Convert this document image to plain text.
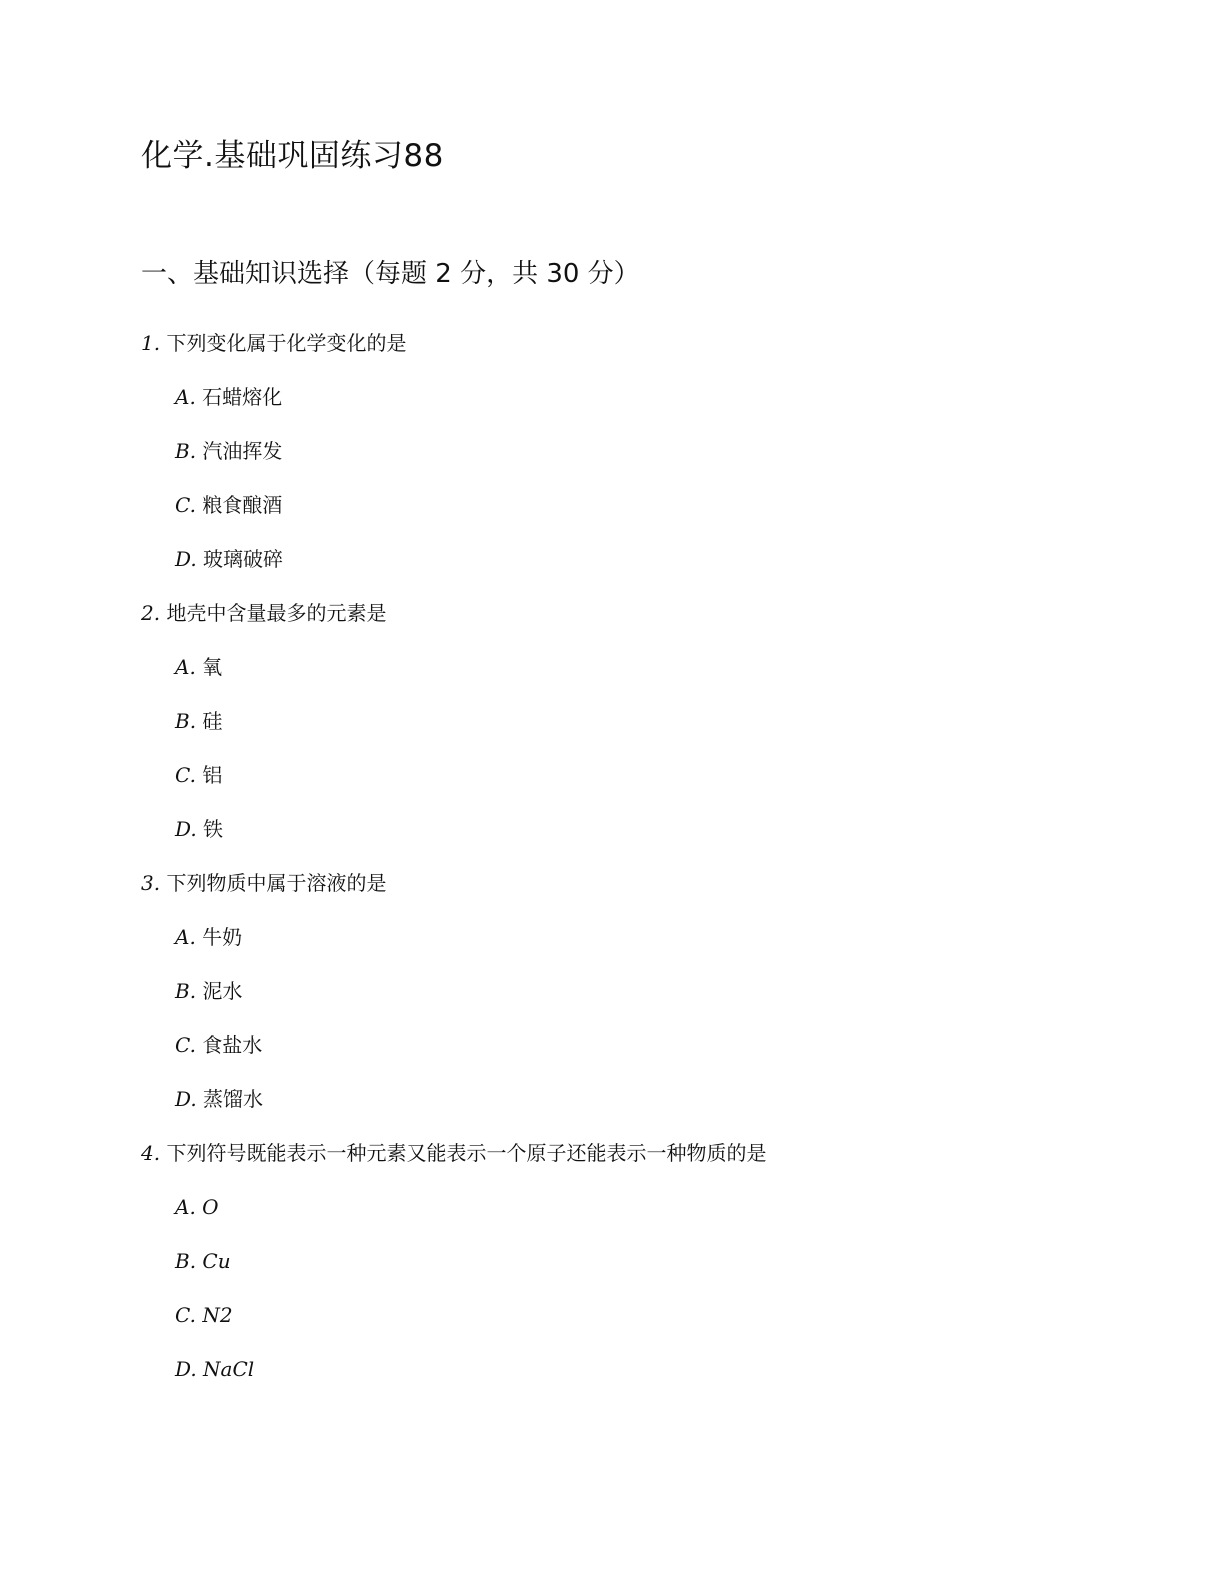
化学.基础巩固练习88
一、基础知识选择（每题 2 分，共 30 分）
1. 下列变化属于化学变化的是
A. 石蜡熔化
B. 汽油挥发
C. 粮食酿酒
D. 玻璃破碎
2. 地壳中含量最多的元素是
A. 氧
B. 硅
C. 铝
D. 铁
3. 下列物质中属于溶液的是
A. 牛奶
B. 泥水
C. 食盐水
D. 蒸馏水
4. 下列符号既能表示一种元素又能表示一个原子还能表示一种物质的是
A. O
B. Cu
C. N2
D. NaCl
